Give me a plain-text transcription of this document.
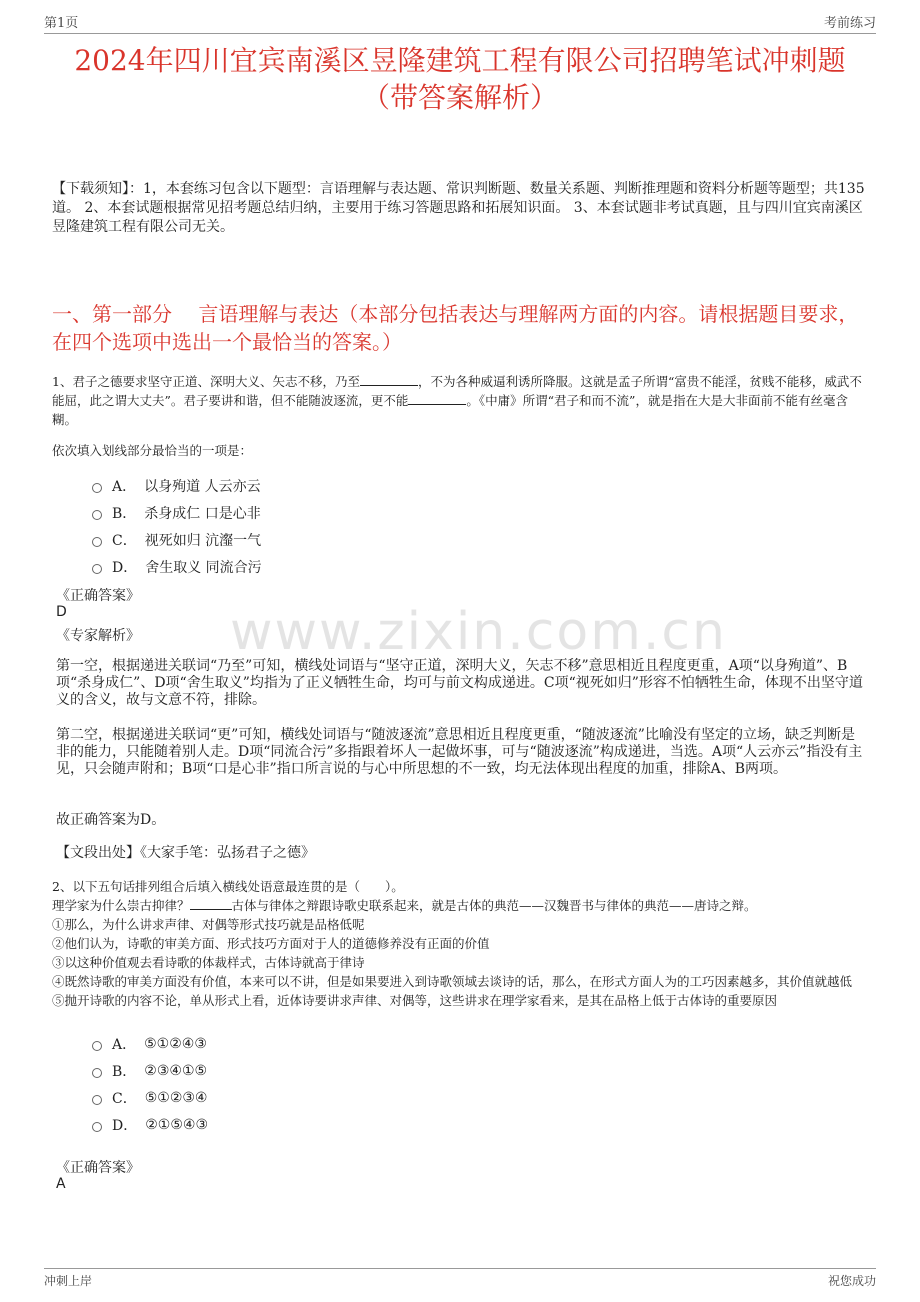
第1页	考前练习
2024年四川宜宾南溪区昱隆建筑工程有限公司招聘笔试冲刺题
（带答案解析）

【下载须知】：1，本套练习包含以下题型：言语理解与表达题、常识判断题、数量关系题、判断推理题和资料分析题等题型；共135道。 2、本套试题根据常见招考题总结归纳，主要用于练习答题思路和拓展知识面。 3、本套试题非考试真题，且与四川宜宾南溪区昱隆建筑工程有限公司无关。

一、第一部分　 言语理解与表达（本部分包括表达与理解两方面的内容。请根据题目要求，在四个选项中选出一个最恰当的答案。）
www.zixin.com.cn

1、君子之德要求坚守正道、深明大义、矢志不移，乃至	，不为各种威逼利诱所降服。这就是孟子所谓“富贵不能淫，贫贱不能移，威武不能屈，此之谓大丈夫”。君子要讲和谐，但不能随波逐流，更不能	。《中庸》所谓“君子和而不流”，就是指在大是大非面前不能有丝毫含糊。

依次填入划线部分最恰当的一项是：
A． 以身殉道 人云亦云
B． 杀身成仁 口是心非
C． 视死如归 沆瀣一气
D． 舍生取义 同流合污
《正确答案》
D
《专家解析》

第一空，根据递进关联词“乃至”可知，横线处词语与“坚守正道，深明大义，矢志不移”意思相近且程度更重，A项“以身殉道”、B项“杀身成仁”、D项“舍生取义”均指为了正义牺牲生命，均可与前文构成递进。C项“视死如归”形容不怕牺牲生命，体现不出坚守道义的含义，故与文意不符，排除。

第二空，根据递进关联词“更”可知，横线处词语与“随波逐流”意思相近且程度更重，“随波逐流”比喻没有坚定的立场，缺乏判断是非的能力，只能随着别人走。D项“同流合污”多指跟着坏人一起做坏事，可与“随波逐流”构成递进，当选。A项“人云亦云”指没有主见，只会随声附和；B项“口是心非”指口所言说的与心中所思想的不一致，均无法体现出程度的加重，排除A、B两项。

故正确答案为D。

【文段出处】《大家手笔：弘扬君子之德》

2、以下五句话排列组合后填入横线处语意最连贯的是（　　）。
理学家为什么崇古抑律？	古体与律体之辩跟诗歌史联系起来，就是古体的典范——汉魏晋书与律体的典范——唐诗之辩。
①那么，为什么讲求声律、对偶等形式技巧就是品格低呢
②他们认为，诗歌的审美方面、形式技巧方面对于人的道德修养没有正面的价值
③以这种价值观去看诗歌的体裁样式，古体诗就高于律诗
④既然诗歌的审美方面没有价值，本来可以不讲，但是如果要进入到诗歌领域去谈诗的话，那么，在形式方面人为的工巧因素越多，其价值就越低
⑤抛开诗歌的内容不论，单从形式上看，近体诗要讲求声律、对偶等，这些讲求在理学家看来，是其在品格上低于古体诗的重要原因
A． ⑤①②④③
B． ②③④①⑤
C． ⑤①②③④
D． ②①⑤④③
《正确答案》
A
冲刺上岸	祝您成功
